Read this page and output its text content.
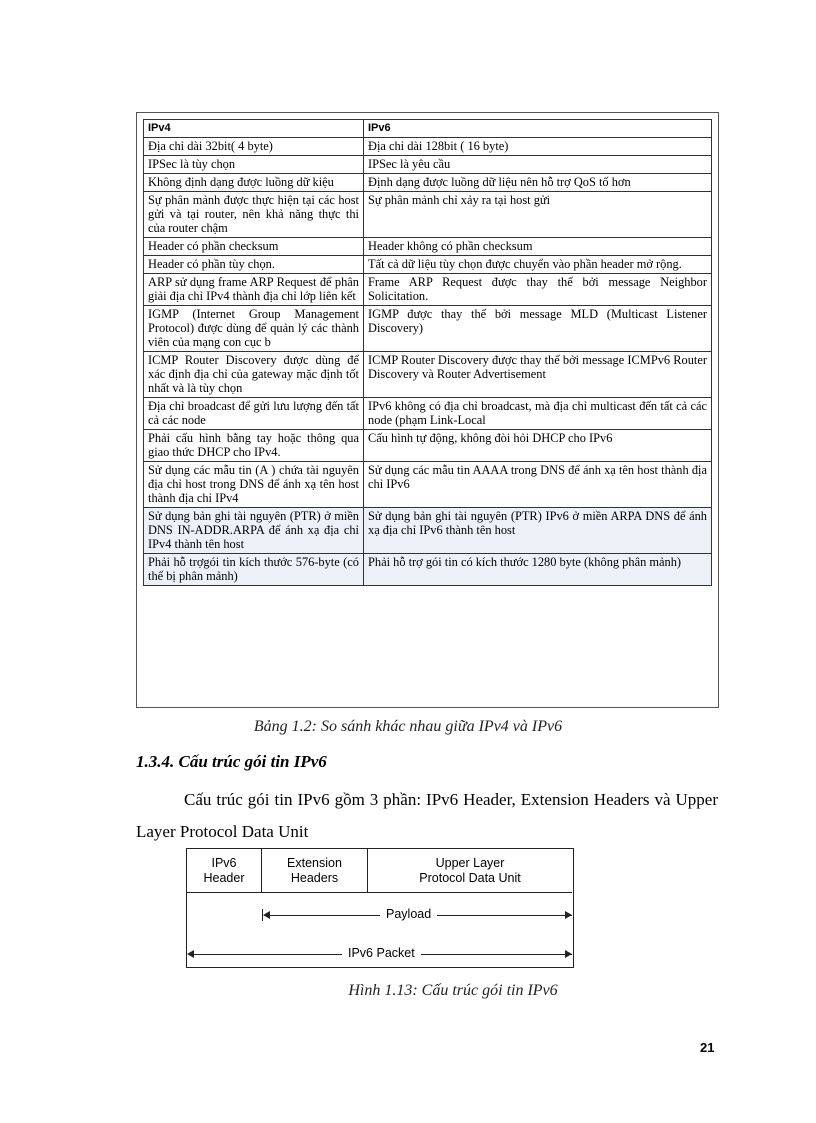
IPv4	IPv6
Địa chỉ dài 32bit( 4 byte)	Địa chỉ dài 128bit ( 16 byte)
IPSec là tùy chọn	IPSec là yêu cầu
Không định dạng được luồng dữ kiệu	Định dạng được luồng dữ liệu nên hỗ trợ QoS tố hơn
Sự phân mảnh được thực hiện tại các host gửi và tại router, nên khả năng thực thi của router chậm	Sự phân mảnh chỉ xảy ra tại host gửi
Header có phần checksum	Header không có phần checksum
Header có phần tùy chọn.	Tất cả dữ liệu tùy chọn được chuyển vào phần header mở rộng.
ARP sử dụng frame ARP Request để phân giải địa chỉ IPv4 thành địa chỉ lớp liên kết	Frame ARP Request được thay thế bởi message Neighbor Solicitation.
IGMP (Internet Group Management Protocol) được dùng để quản lý các thành viên của mạng con cục b	IGMP được thay thế bởi message MLD (Multicast Listener Discovery)
ICMP Router Discovery được dùng để xác định địa chỉ của gateway mặc định tốt nhất và là tùy chọn	ICMP Router Discovery được thay thế bởi message ICMPv6 Router Discovery và Router Advertisement
Địa chỉ broadcast để gửi lưu lượng đến tất cả các node	IPv6 không có địa chỉ broadcast, mà địa chỉ multicast đến tất cả các node (phạm Link-Local
Phải cấu hình bằng tay hoặc thông qua giao thức DHCP cho IPv4.	Cấu hình tự động, không đòi hỏi DHCP cho IPv6
Sử dụng các mẫu tin (A ) chứa tài nguyên địa chỉ host trong DNS để ánh xạ tên host thành địa chỉ IPv4	Sử dụng các mẫu tin AAAA trong DNS để ánh xạ tên host thành địa chỉ IPv6
Sử dụng bản ghi tài nguyên (PTR) ở miền DNS IN-ADDR.ARPA để ánh xạ địa chỉ IPv4 thành tên host	Sử dụng bản ghi tài nguyên (PTR) IPv6 ở miền ARPA DNS để ánh xạ địa chỉ IPv6 thành tên host
Phải hỗ trợgói tin kích thước 576-byte (có thể bị phân mảnh)	Phải hỗ trợ gói tin có kích thước 1280 byte (không phân mảnh)
Bảng 1.2: So sánh khác nhau giữa IPv4 và IPv6
1.3.4. Cấu trúc gói tin IPv6
Cấu trúc gói tin IPv6 gồm 3 phần: IPv6 Header, Extension Headers và Upper Layer Protocol Data Unit
IPv6
Header
Extension
Headers
Upper Layer
Protocol Data Unit
Payload
IPv6 Packet
Hình 1.13: Cấu trúc gói tin IPv6
21
